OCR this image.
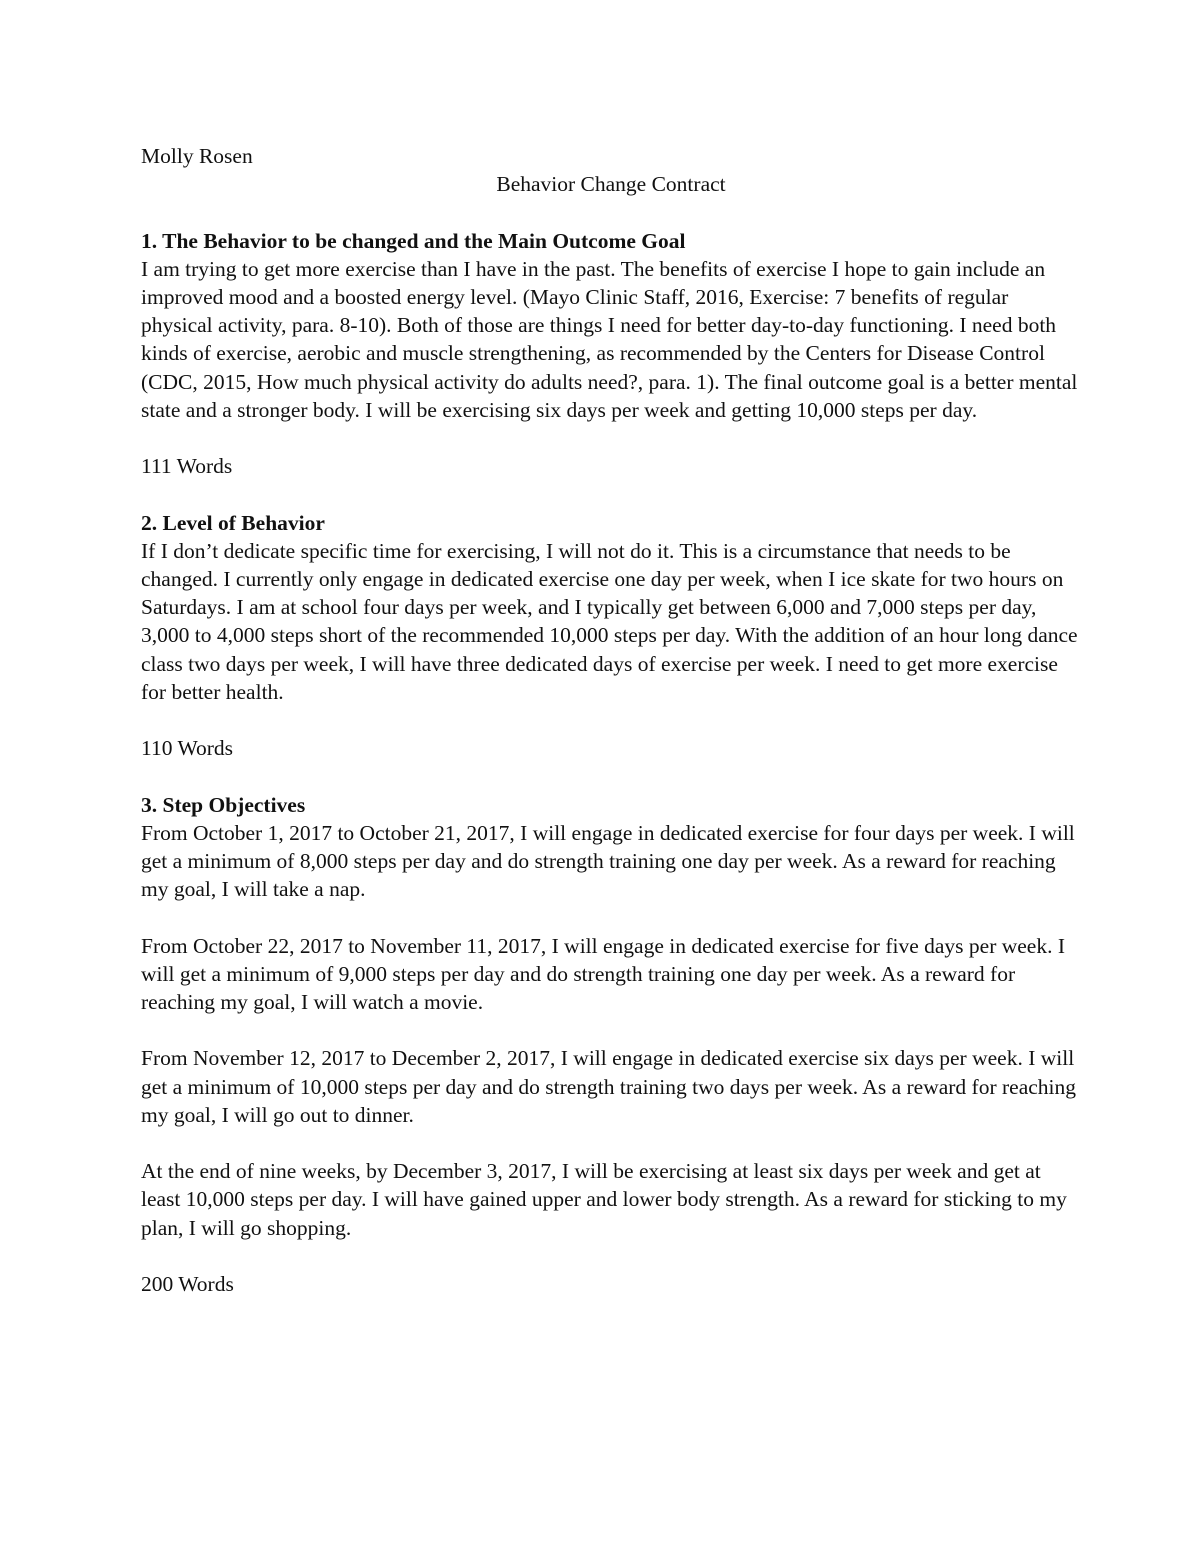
Molly Rosen

Behavior Change Contract
1. The Behavior to be changed and the Main Outcome Goal

I am trying to get more exercise than I have in the past. The benefits of exercise I hope to gain include an improved mood and a boosted energy level. (Mayo Clinic Staff, 2016, Exercise: 7 benefits of regular physical activity, para. 8-10). Both of those are things I need for better day-to-day functioning. I need both kinds of exercise, aerobic and muscle strengthening, as recommended by the Centers for Disease Control (CDC, 2015, How much physical activity do adults need?, para. 1). The final outcome goal is a better mental state and a stronger body. I will be exercising six days per week and getting 10,000 steps per day.

111 Words

2. Level of Behavior

If I don’t dedicate specific time for exercising, I will not do it. This is a circumstance that needs to be changed. I currently only engage in dedicated exercise one day per week, when I ice skate for two hours on Saturdays. I am at school four days per week, and I typically get between 6,000 and 7,000 steps per day, 3,000 to 4,000 steps short of the recommended 10,000 steps per day. With the addition of an hour long dance class two days per week, I will have three dedicated days of exercise per week. I need to get more exercise for better health.

110 Words

3. Step Objectives

From October 1, 2017 to October 21, 2017, I will engage in dedicated exercise for four days per week. I will get a minimum of 8,000 steps per day and do strength training one day per week. As a reward for reaching my goal, I will take a nap.

From October 22, 2017 to November 11, 2017, I will engage in dedicated exercise for five days per week. I will get a minimum of 9,000 steps per day and do strength training one day per week. As a reward for reaching my goal, I will watch a movie.

From November 12, 2017 to December 2, 2017, I will engage in dedicated exercise six days per week. I will get a minimum of 10,000 steps per day and do strength training two days per week. As a reward for reaching my goal, I will go out to dinner.

At the end of nine weeks, by December 3, 2017, I will be exercising at least six days per week and get at least 10,000 steps per day. I will have gained upper and lower body strength. As a reward for sticking to my plan, I will go shopping.

200 Words
